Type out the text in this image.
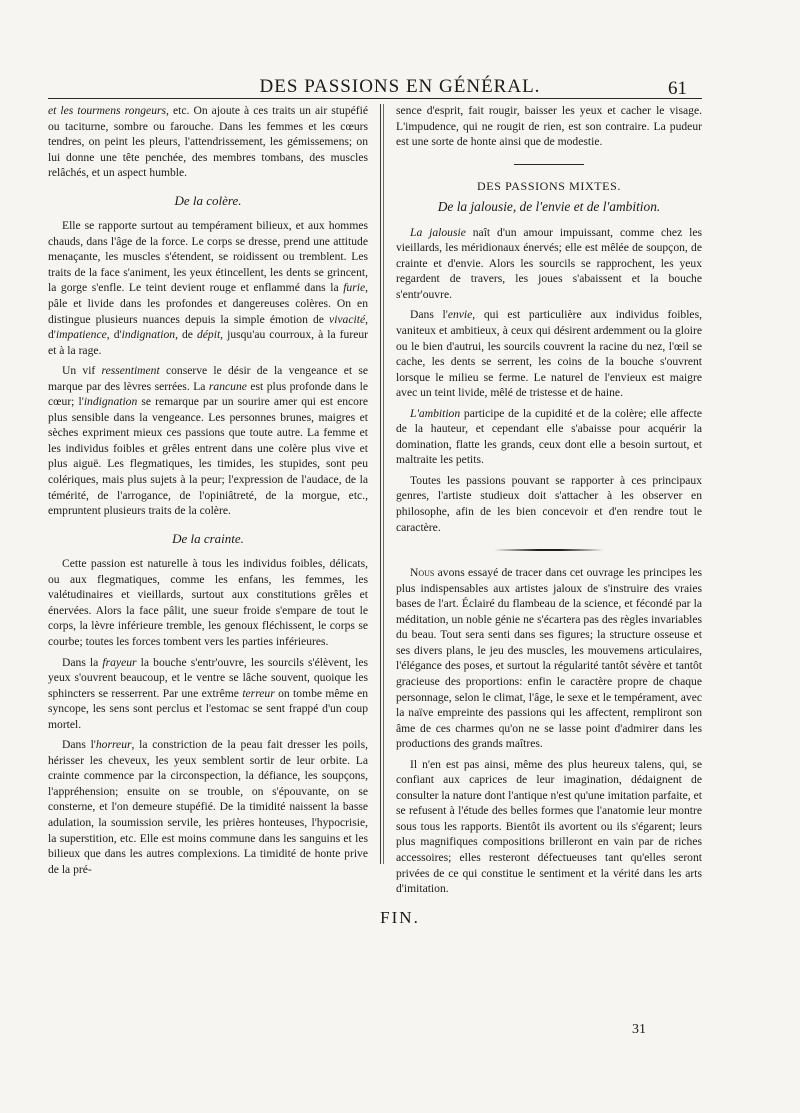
DES PASSIONS EN GÉNÉRAL.	61

et les tourmens rongeurs, etc. On ajoute à ces traits un air stupéfié ou taciturne, sombre ou farouche. Dans les femmes et les cœurs tendres, on peint les pleurs, l'attendrissement, les gémissemens; on lui donne une tête penchée, des membres tombans, des muscles relâchés, et un aspect humble.

De la colère.

Elle se rapporte surtout au tempérament bilieux, et aux hommes chauds, dans l'âge de la force. Le corps se dresse, prend une attitude menaçante, les muscles s'étendent, se roidissent ou tremblent. Les traits de la face s'animent, les yeux étincellent, les dents se grincent, la gorge s'enfle. Le teint devient rouge et enflammé dans la furie, pâle et livide dans les profondes et dangereuses colères. On en distingue plusieurs nuances depuis la simple émotion de vivacité, d'impatience, d'indignation, de dépit, jusqu'au courroux, à la fureur et à la rage.

Un vif ressentiment conserve le désir de la vengeance et se marque par des lèvres serrées. La rancune est plus profonde dans le cœur; l'indignation se remarque par un sourire amer qui est encore plus sensible dans la vengeance. Les personnes brunes, maigres et sèches expriment mieux ces passions que toute autre. La femme et les individus foibles et grêles entrent dans une colère plus vive et plus aiguë. Les flegmatiques, les timides, les stupides, sont peu colériques, mais plus sujets à la peur; l'expression de l'audace, de la témérité, de l'arrogance, de l'opiniâtreté, de la morgue, etc., empruntent plusieurs traits de la colère.

De la crainte.

Cette passion est naturelle à tous les individus foibles, délicats, ou aux flegmatiques, comme les enfans, les femmes, les valétudinaires et vieillards, surtout aux constitutions grêles et énervées. Alors la face pâlit, une sueur froide s'empare de tout le corps, la lèvre inférieure tremble, les genoux fléchissent, le corps se courbe; toutes les forces tombent vers les parties inférieures.

Dans la frayeur la bouche s'entr'ouvre, les sourcils s'élèvent, les yeux s'ouvrent beaucoup, et le ventre se lâche souvent, quoique les sphincters se resserrent. Par une extrême terreur on tombe même en syncope, les sens sont perclus et l'estomac se sent frappé d'un coup mortel.

Dans l'horreur, la constriction de la peau fait dresser les poils, hérisser les cheveux, les yeux semblent sortir de leur orbite. La crainte commence par la circonspection, la défiance, les soupçons, l'appréhension; ensuite on se trouble, on s'épouvante, on se consterne, et l'on demeure stupéfié. De la timidité naissent la basse adulation, la soumission servile, les prières honteuses, l'hypocrisie, la superstition, etc. Elle est moins commune dans les sanguins et les bilieux que dans les autres complexions. La timidité de honte prive de la pré-

sence d'esprit, fait rougir, baisser les yeux et cacher le visage. L'impudence, qui ne rougit de rien, est son contraire. La pudeur est une sorte de honte ainsi que de modestie.

DES PASSIONS MIXTES.
De la jalousie, de l'envie et de l'ambition.

La jalousie naît d'un amour impuissant, comme chez les vieillards, les méridionaux énervés; elle est mêlée de soupçon, de crainte et d'envie. Alors les sourcils se rapprochent, les yeux regardent de travers, les joues s'abaissent et la bouche s'entr'ouvre.

Dans l'envie, qui est particulière aux individus foibles, vaniteux et ambitieux, à ceux qui désirent ardemment ou la gloire ou le bien d'autrui, les sourcils couvrent la racine du nez, l'œil se cache, les dents se serrent, les coins de la bouche s'ouvrent lorsque le milieu se ferme. Le naturel de l'envieux est maigre avec un teint livide, mêlé de tristesse et de haine.

L'ambition participe de la cupidité et de la colère; elle affecte de la hauteur, et cependant elle s'abaisse pour acquérir la domination, flatte les grands, ceux dont elle a besoin surtout, et maltraite les petits.

Toutes les passions pouvant se rapporter à ces principaux genres, l'artiste studieux doit s'attacher à les observer en philosophe, afin de les bien concevoir et d'en rendre tout le caractère.

Nous avons essayé de tracer dans cet ouvrage les principes les plus indispensables aux artistes jaloux de s'instruire des vraies bases de l'art. Éclairé du flambeau de la science, et fécondé par la méditation, un noble génie ne s'écartera pas des règles invariables du beau. Tout sera senti dans ses figures; la structure osseuse et ses divers plans, le jeu des muscles, les mouvemens articulaires, l'élégance des poses, et surtout la régularité tantôt sévère et tantôt gracieuse des proportions: enfin le caractère propre de chaque personnage, selon le climat, l'âge, le sexe et le tempérament, avec la naïve empreinte des passions qui les affectent, rempliront son âme de ces charmes qu'on ne se lasse point d'admirer dans les productions des grands maîtres.

Il n'en est pas ainsi, même des plus heureux talens, qui, se confiant aux caprices de leur imagination, dédaignent de consulter la nature dont l'antique n'est qu'une imitation parfaite, et se refusent à l'étude des belles formes que l'anatomie leur montre sous tous les rapports. Bientôt ils avortent ou ils s'égarent; leurs plus magnifiques compositions brilleront en vain par de riches accessoires; elles resteront défectueuses tant qu'elles seront privées de ce qui constitue le sentiment et la vérité dans les arts d'imitation.

FIN.
31
